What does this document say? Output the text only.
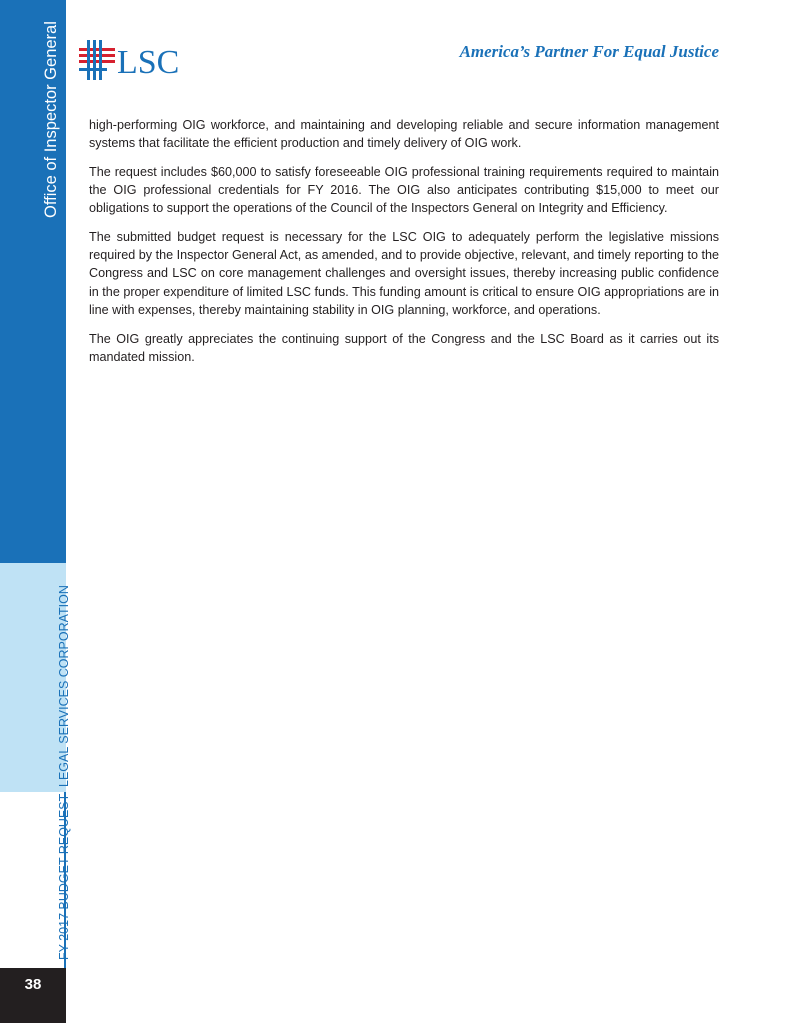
Office of Inspector General
LEGAL SERVICES CORPORATION
FY 2017 BUDGET REQUEST
38
LSC	America’s Partner For Equal Justice

high-performing OIG workforce, and maintaining and developing reliable and secure information management systems that facilitate the efficient production and timely delivery of OIG work.

The request includes $60,000 to satisfy foreseeable OIG professional training requirements required to maintain the OIG professional credentials for FY 2016. The OIG also anticipates contributing $15,000 to meet our obligations to support the operations of the Council of the Inspectors General on Integrity and Efficiency.

The submitted budget request is necessary for the LSC OIG to adequately perform the legislative missions required by the Inspector General Act, as amended, and to provide objective, relevant, and timely reporting to the Congress and LSC on core management challenges and oversight issues, thereby increasing public confidence in the proper expenditure of limited LSC funds. This funding amount is critical to ensure OIG appropriations are in line with expenses, thereby maintaining stability in OIG planning, workforce, and operations.

The OIG greatly appreciates the continuing support of the Congress and the LSC Board as it carries out its mandated mission.
